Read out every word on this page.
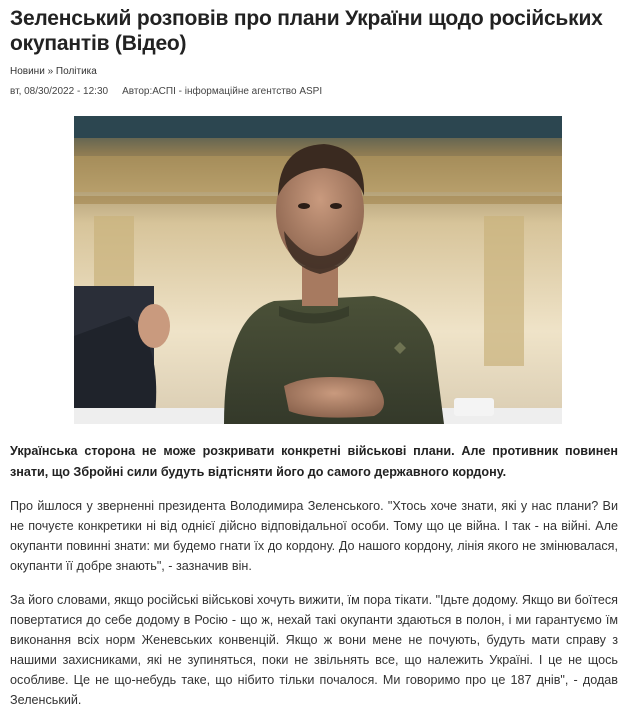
Зеленський розповів про плани України щодо російських окупантів (Відео)
Новини » Політика
вт, 08/30/2022 - 12:30 Автор:АСПІ - інформаційне агентство ASPI

Українська сторона не може розкривати конкретні військові плани. Але противник повинен знати, що Збройні сили будуть відтісняти його до самого державного кордону.

Про йшлося у зверненні президента Володимира Зеленського. "Хтось хоче знати, які у нас плани? Ви не почуєте конкретики ні від однієї дійсно відповідальної особи. Тому що це війна. І так - на війні. Але окупанти повинні знати: ми будемо гнати їх до кордону. До нашого кордону, лінія якого не змінювалася, окупанти її добре знають", - зазначив він.

За його словами, якщо російські військові хочуть вижити, їм пора тікати. "Ідьте додому. Якщо ви боїтеся повертатися до себе додому в Росію - що ж, нехай такі окупанти здаються в полон, і ми гарантуємо їм виконання всіх норм Женевських конвенцій. Якщо ж вони мене не почують, будуть мати справу з нашими захисниками, які не зупиняться, поки не звільнять все, що належить Україні. І це не щось особливе. Це не що-небудь таке, що нібито тільки почалося. Ми говоримо про це 187 днів", - додав Зеленський.
